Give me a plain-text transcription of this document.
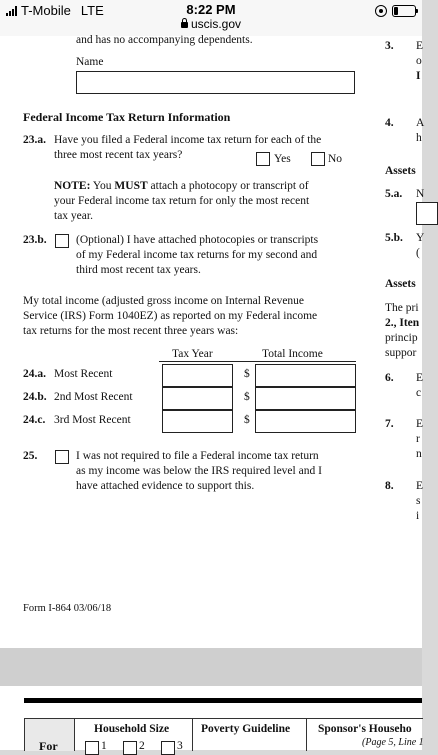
T-Mobile LTE	8:22 PM
uscis.gov
and has no accompanying dependents.
Name
Federal Income Tax Return Information
23.a. Have you filed a Federal income tax return for each of the
three most recent tax years?	Yes	No
NOTE: You MUST attach a photocopy or transcript of
your Federal income tax return for only the most recent
tax year.
23.b.	(Optional) I have attached photocopies or transcripts
of my Federal income tax returns for my second and
third most recent tax years.
My total income (adjusted gross income on Internal Revenue
Service (IRS) Form 1040EZ) as reported on my Federal income
tax returns for the most recent three years was:
Tax Year	Total Income
24.a. Most Recent	$
24.b. 2nd Most Recent	$
24.c. 3rd Most Recent	$
25.	I was not required to file a Federal income tax return
as my income was below the IRS required level and I
have attached evidence to support this.
Form I-864 03/06/18
3. E
o
I
4. A
h
Assets
5.a. N
5.b. Y
(
Assets
The pri
2., Iten
princip
suppor
6. E
c
7. E
r
n
8. E
s
i
For
Household Size	Poverty Guideline Sponsor's Househo
(Page 5, Line 1
1	2	3
